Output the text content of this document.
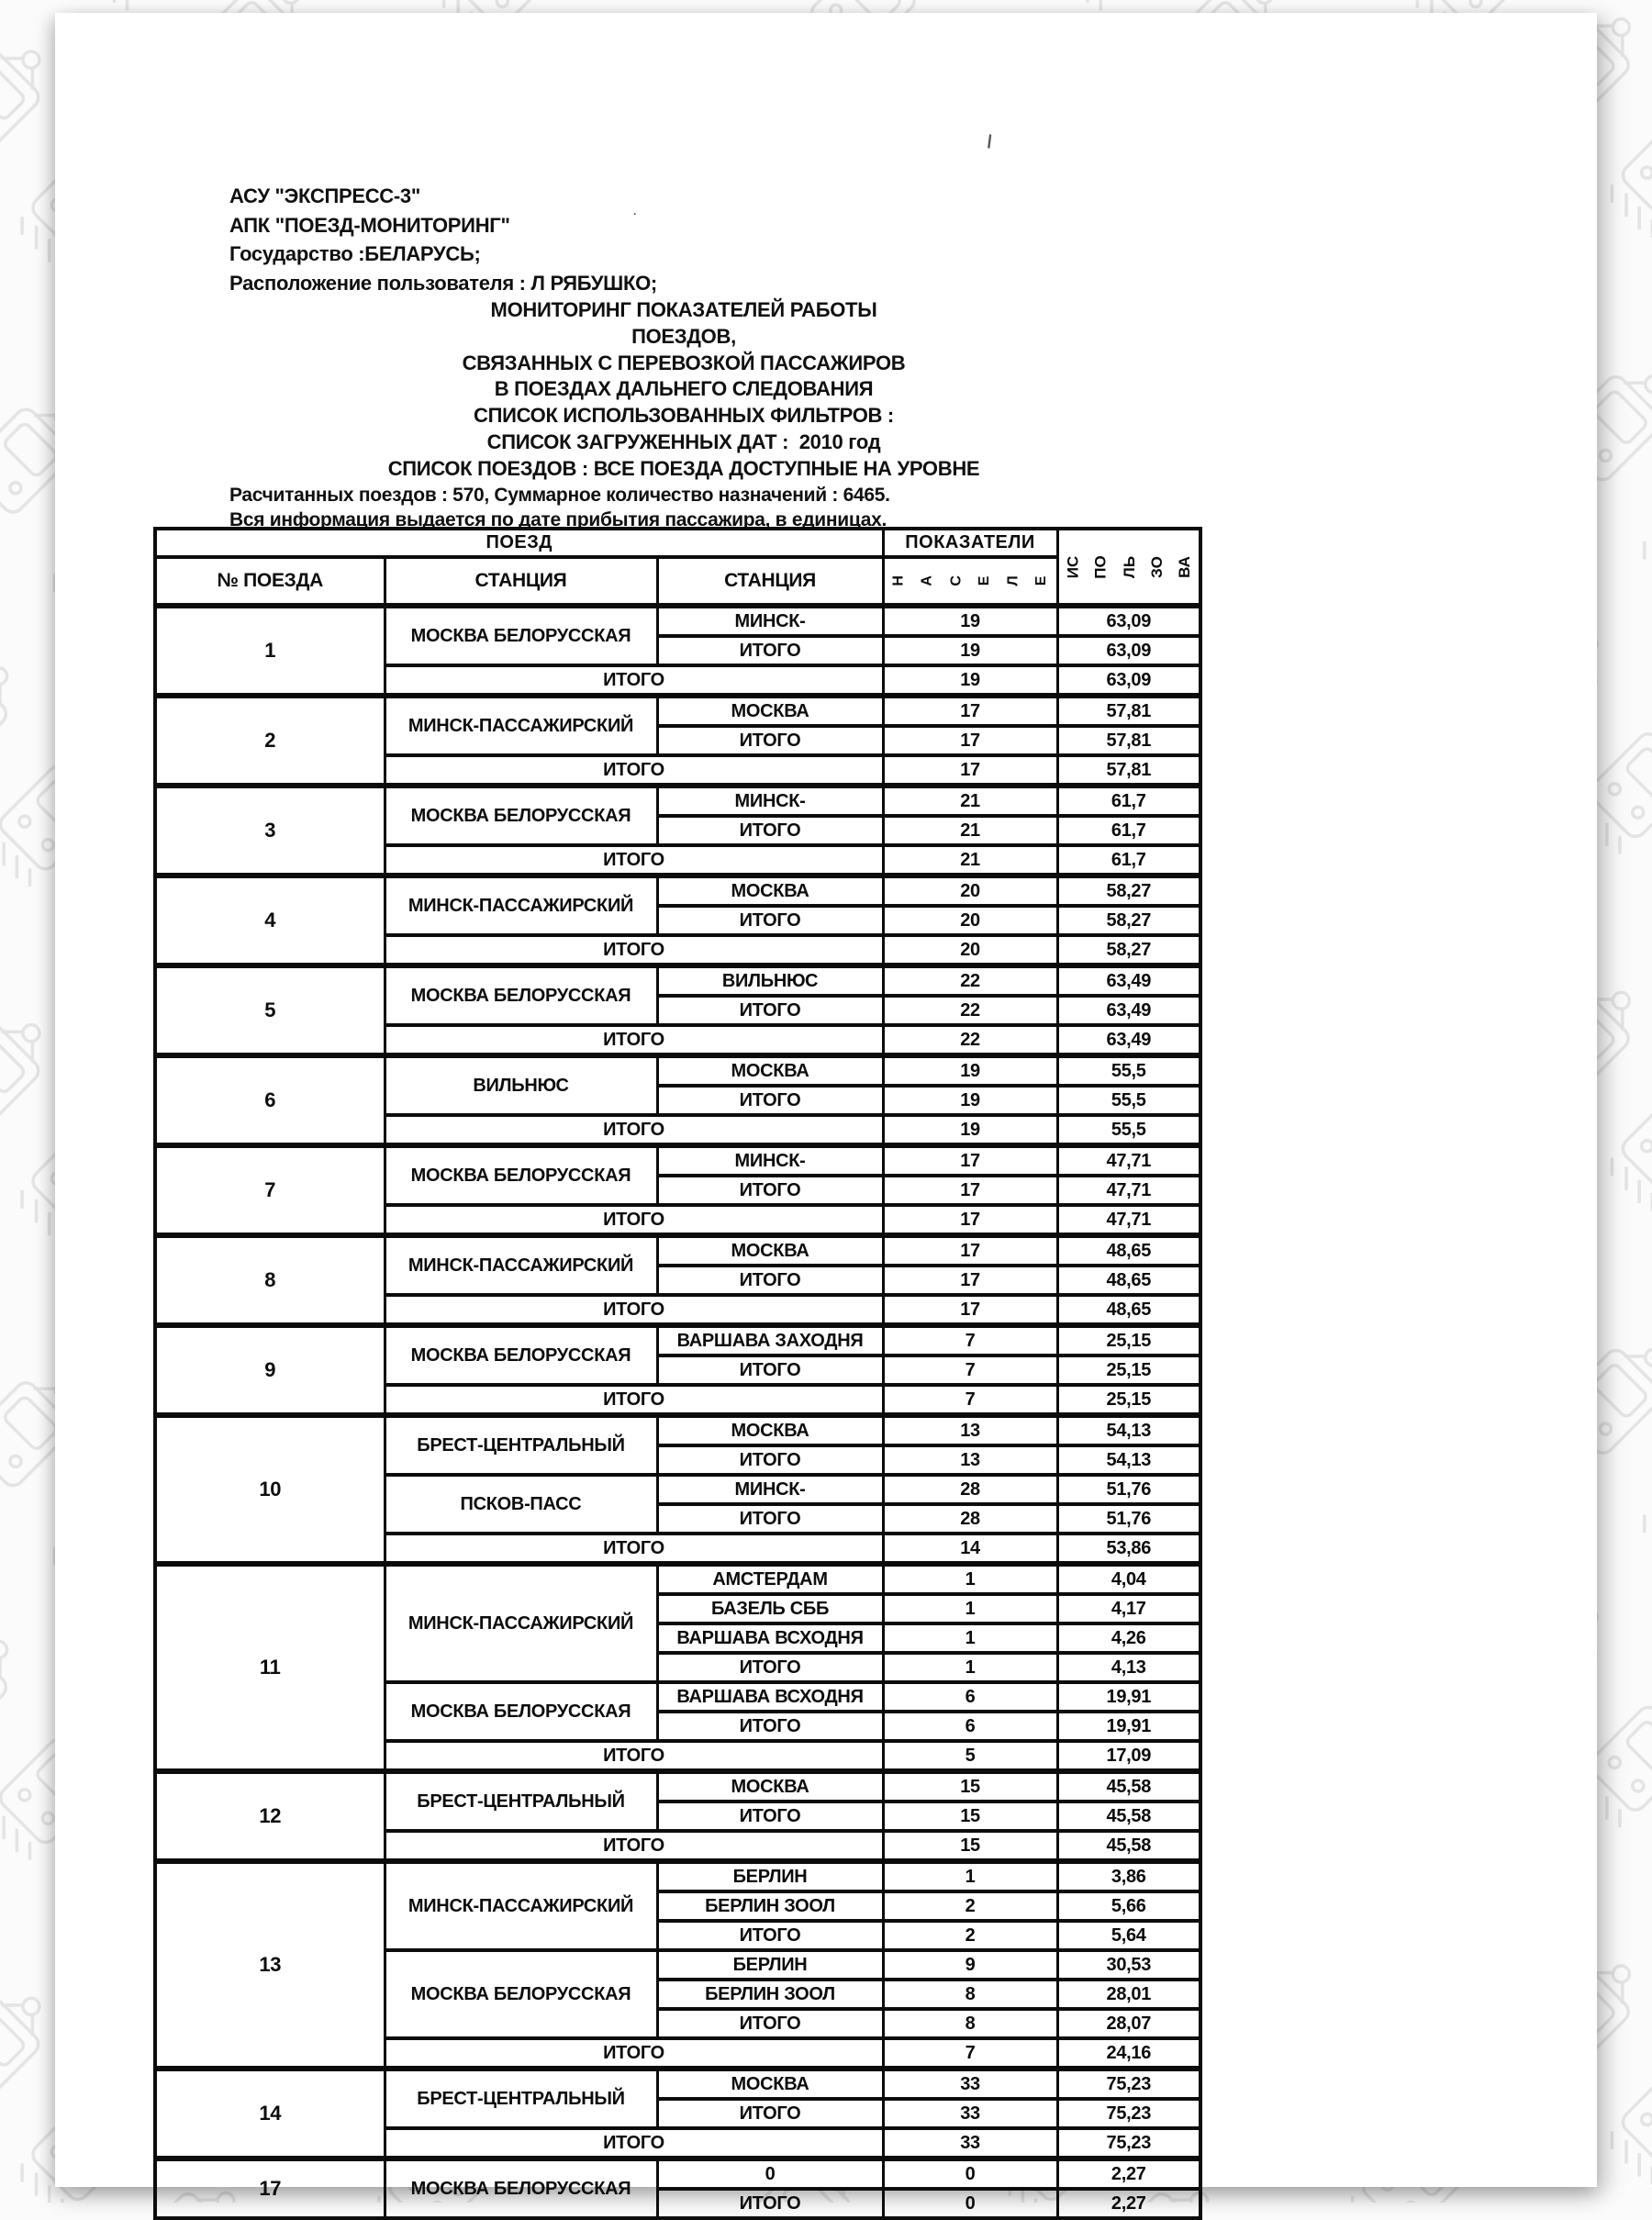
\
·
АСУ "ЭКСПРЕСС-3"
АПК "ПОЕЗД-МОНИТОРИНГ"
Государство :БЕЛАРУСЬ;
Расположение пользователя : Л РЯБУШКО;
МОНИТОРИНГ ПОКАЗАТЕЛЕЙ РАБОТЫ
ПОЕЗДОВ,
СВЯЗАННЫХ С ПЕРЕВОЗКОЙ ПАССАЖИРОВ
В ПОЕЗДАХ ДАЛЬНЕГО СЛЕДОВАНИЯ
СПИСОК ИСПОЛЬЗОВАННЫХ ФИЛЬТРОВ :
СПИСОК ЗАГРУЖЕННЫХ ДАТ :  2010 год
СПИСОК ПОЕЗДОВ : ВСЕ ПОЕЗДА ДОСТУПНЫЕ НА УРОВНЕ
Расчитанных поездов : 570, Суммарное количество назначений : 6465.
Вся информация выдается по дате прибытия пассажира, в единицах.
ПОЕЗД			ПОКАЗАТЕЛИ	ИС ПО ЛЬ ЗО ВА

№ ПОЕЗДА	СТАНЦИЯ	СТАНЦИЯ	Н А С Е Л Е

1	МОСКВА БЕЛОРУССКАЯ	МИНСК-	19	63,09
		ИТОГО	19	63,09
	ИТОГО		19	63,09
2	МИНСК-ПАССАЖИРСКИЙ	МОСКВА	17	57,81
		ИТОГО	17	57,81
	ИТОГО		17	57,81
3	МОСКВА БЕЛОРУССКАЯ	МИНСК-	21	61,7
		ИТОГО	21	61,7
	ИТОГО		21	61,7
4	МИНСК-ПАССАЖИРСКИЙ	МОСКВА	20	58,27
		ИТОГО	20	58,27
	ИТОГО		20	58,27
5	МОСКВА БЕЛОРУССКАЯ	ВИЛЬНЮС	22	63,49
		ИТОГО	22	63,49
	ИТОГО		22	63,49
6	ВИЛЬНЮС	МОСКВА	19	55,5
		ИТОГО	19	55,5
	ИТОГО		19	55,5
7	МОСКВА БЕЛОРУССКАЯ	МИНСК-	17	47,71
		ИТОГО	17	47,71
	ИТОГО		17	47,71
8	МИНСК-ПАССАЖИРСКИЙ	МОСКВА	17	48,65
		ИТОГО	17	48,65
	ИТОГО		17	48,65
9	МОСКВА БЕЛОРУССКАЯ	ВАРШАВА ЗАХОДНЯ	7	25,15
		ИТОГО	7	25,15
	ИТОГО		7	25,15
10	БРЕСТ-ЦЕНТРАЛЬНЫЙ	МОСКВА	13	54,13
		ИТОГО	13	54,13
	ПСКОВ-ПАСС	МИНСК-	28	51,76
		ИТОГО	28	51,76
	ИТОГО		14	53,86
11	МИНСК-ПАССАЖИРСКИЙ	АМСТЕРДАМ	1	4,04
		БАЗЕЛЬ СББ	1	4,17
		ВАРШАВА ВСХОДНЯ	1	4,26
		ИТОГО	1	4,13
	МОСКВА БЕЛОРУССКАЯ	ВАРШАВА ВСХОДНЯ	6	19,91
		ИТОГО	6	19,91
	ИТОГО		5	17,09
12	БРЕСТ-ЦЕНТРАЛЬНЫЙ	МОСКВА	15	45,58
		ИТОГО	15	45,58
	ИТОГО		15	45,58
13	МИНСК-ПАССАЖИРСКИЙ	БЕРЛИН	1	3,86
		БЕРЛИН ЗООЛ	2	5,66
		ИТОГО	2	5,64
	МОСКВА БЕЛОРУССКАЯ	БЕРЛИН	9	30,53
		БЕРЛИН ЗООЛ	8	28,01
		ИТОГО	8	28,07
	ИТОГО		7	24,16
14	БРЕСТ-ЦЕНТРАЛЬНЫЙ	МОСКВА	33	75,23
		ИТОГО	33	75,23
	ИТОГО		33	75,23
17	МОСКВА БЕЛОРУССКАЯ	0	0	2,27
		ИТОГО	0	2,27
